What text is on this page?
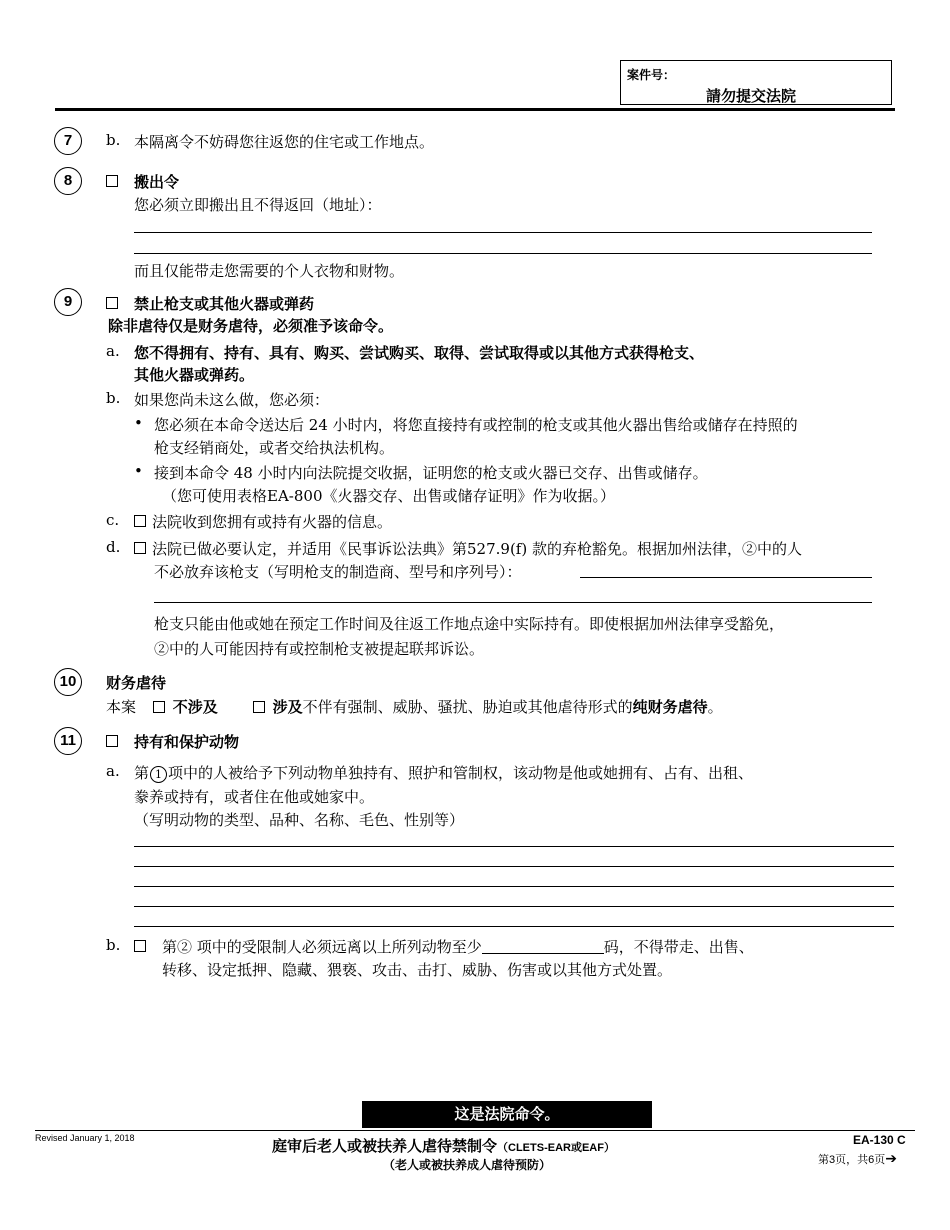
案件号：
請勿提交法院
7	b. 本隔离令不妨碍您往返您的住宅或工作地点。
8	搬出令
您必须立即搬出且不得返回（地址）：
而且仅能带走您需要的个人衣物和财物。
9	禁止枪支或其他火器或弹药
除非虐待仅是财务虐待，必须准予该命令。
a. 您不得拥有、持有、具有、购买、尝试购买、取得、尝试取得或以其他方式获得枪支、
其他火器或弹药。
b. 如果您尚未这么做，您必须：
• 您必须在本命令送达后 24 小时内，将您直接持有或控制的枪支或其他火器出售给或储存在持照的
枪支经销商处，或者交给执法机构。
• 接到本命令 48 小时内向法院提交收据，证明您的枪支或火器已交存、出售或储存。
（您可使用表格EA-800《火器交存、出售或储存证明》作为收据。）
c. 法院收到您拥有或持有火器的信息。
d. 法院已做必要认定，并适用《民事诉讼法典》第527.9(f) 款的弃枪豁免。根据加州法律，②中的人
不必放弃该枪支（写明枪支的制造商、型号和序列号）：
枪支只能由他或她在预定工作时间及往返工作地点途中实际持有。即使根据加州法律享受豁免，
②中的人可能因持有或控制枪支被提起联邦诉讼。
10	财务虐待
本案 不涉及	涉及不伴有强制、威胁、骚扰、胁迫或其他虐待形式的纯财务虐待。
11	持有和保护动物
a. 第 1 项中的人被给予下列动物单独持有、照护和管制权，该动物是他或她拥有、占有、出租、
豢养或持有，或者住在他或她家中。
（写明动物的类型、品种、名称、毛色、性别等）
b.	第② 项中的受限制人必须远离以上所列动物至少	码，不得带走、出售、
转移、设定抵押、隐藏、猥亵、攻击、击打、威胁、伤害或以其他方式处置。
这是法院命令。
Revised January 1, 2018	庭审后老人或被扶养人虐待禁制令（CLETS-EAR或EAF）
（老人或被扶养成人虐待预防）
EA-130 C
第3页，共6页➔
